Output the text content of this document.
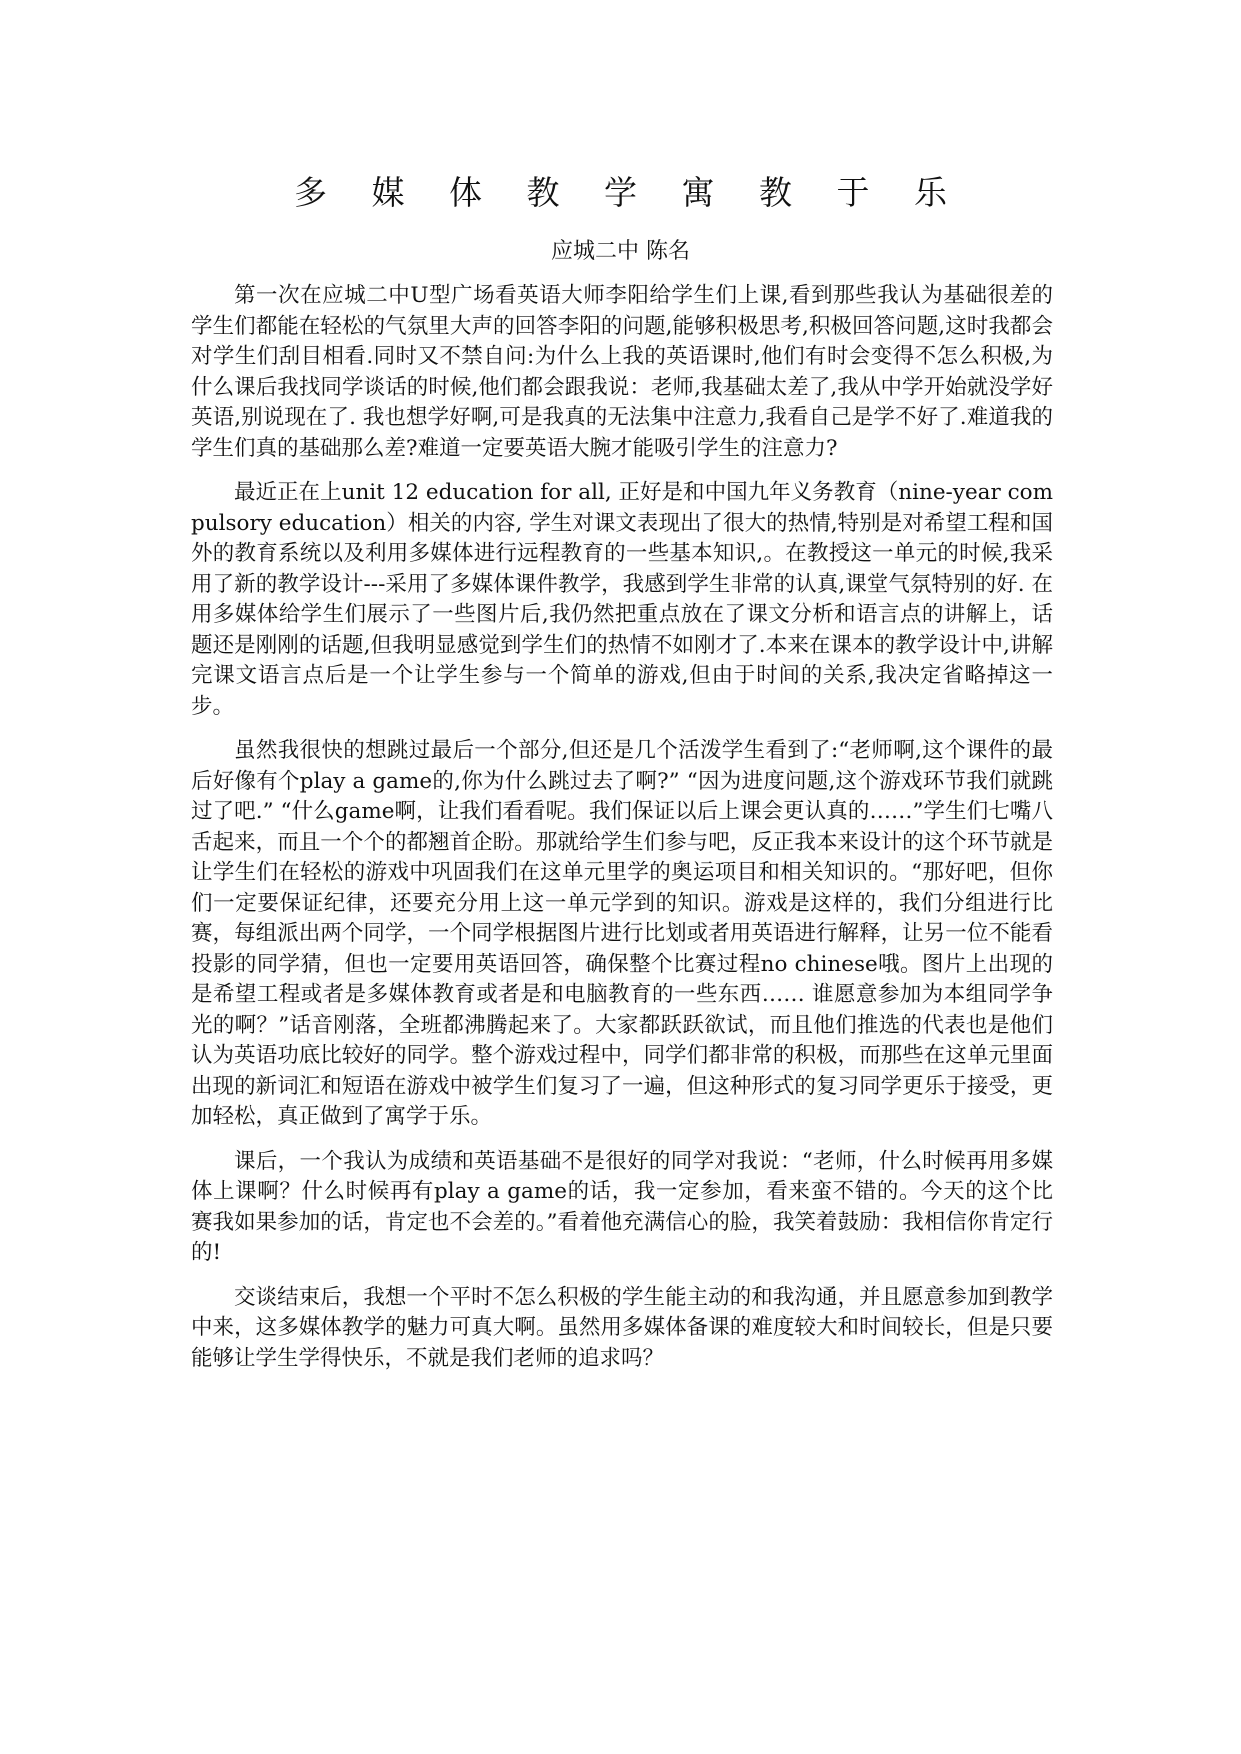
多 媒 体 教 学 寓 教 于 乐
应城二中 陈名

第一次在应城二中U型广场看英语大师李阳给学生们上课,看到那些我认为基础很差的学生们都能在轻松的气氛里大声的回答李阳的问题,能够积极思考,积极回答问题,这时我都会对学生们刮目相看.同时又不禁自问:为什么上我的英语课时,他们有时会变得不怎么积极,为什么课后我找同学谈话的时候,他们都会跟我说：老师,我基础太差了,我从中学开始就没学好英语,别说现在了. 我也想学好啊,可是我真的无法集中注意力,我看自己是学不好了.难道我的学生们真的基础那么差?难道一定要英语大腕才能吸引学生的注意力?

最近正在上unit 12 education for all, 正好是和中国九年义务教育（nine-year compulsory education）相关的内容, 学生对课文表现出了很大的热情,特别是对希望工程和国外的教育系统以及利用多媒体进行远程教育的一些基本知识,。在教授这一单元的时候,我采用了新的教学设计---采用了多媒体课件教学，我感到学生非常的认真,课堂气氛特别的好. 在用多媒体给学生们展示了一些图片后,我仍然把重点放在了课文分析和语言点的讲解上，话题还是刚刚的话题,但我明显感觉到学生们的热情不如刚才了.本来在课本的教学设计中,讲解完课文语言点后是一个让学生参与一个简单的游戏,但由于时间的关系,我决定省略掉这一步。

虽然我很快的想跳过最后一个部分,但还是几个活泼学生看到了:“老师啊,这个课件的最后好像有个play a game的,你为什么跳过去了啊?” “因为进度问题,这个游戏环节我们就跳过了吧.” “什么game啊，让我们看看呢。我们保证以后上课会更认真的……”学生们七嘴八舌起来，而且一个个的都翘首企盼。那就给学生们参与吧，反正我本来设计的这个环节就是让学生们在轻松的游戏中巩固我们在这单元里学的奥运项目和相关知识的。“那好吧，但你们一定要保证纪律，还要充分用上这一单元学到的知识。游戏是这样的，我们分组进行比赛，每组派出两个同学，一个同学根据图片进行比划或者用英语进行解释，让另一位不能看投影的同学猜，但也一定要用英语回答，确保整个比赛过程no chinese哦。图片上出现的是希望工程或者是多媒体教育或者是和电脑教育的一些东西…… 谁愿意参加为本组同学争光的啊？”话音刚落，全班都沸腾起来了。大家都跃跃欲试，而且他们推选的代表也是他们认为英语功底比较好的同学。整个游戏过程中，同学们都非常的积极，而那些在这单元里面出现的新词汇和短语在游戏中被学生们复习了一遍，但这种形式的复习同学更乐于接受，更加轻松，真正做到了寓学于乐。

课后，一个我认为成绩和英语基础不是很好的同学对我说：“老师，什么时候再用多媒体上课啊？什么时候再有play a game的话，我一定参加，看来蛮不错的。今天的这个比赛我如果参加的话，肯定也不会差的。”看着他充满信心的脸，我笑着鼓励：我相信你肯定行的!

交谈结束后，我想一个平时不怎么积极的学生能主动的和我沟通，并且愿意参加到教学中来，这多媒体教学的魅力可真大啊。虽然用多媒体备课的难度较大和时间较长，但是只要能够让学生学得快乐，不就是我们老师的追求吗？
